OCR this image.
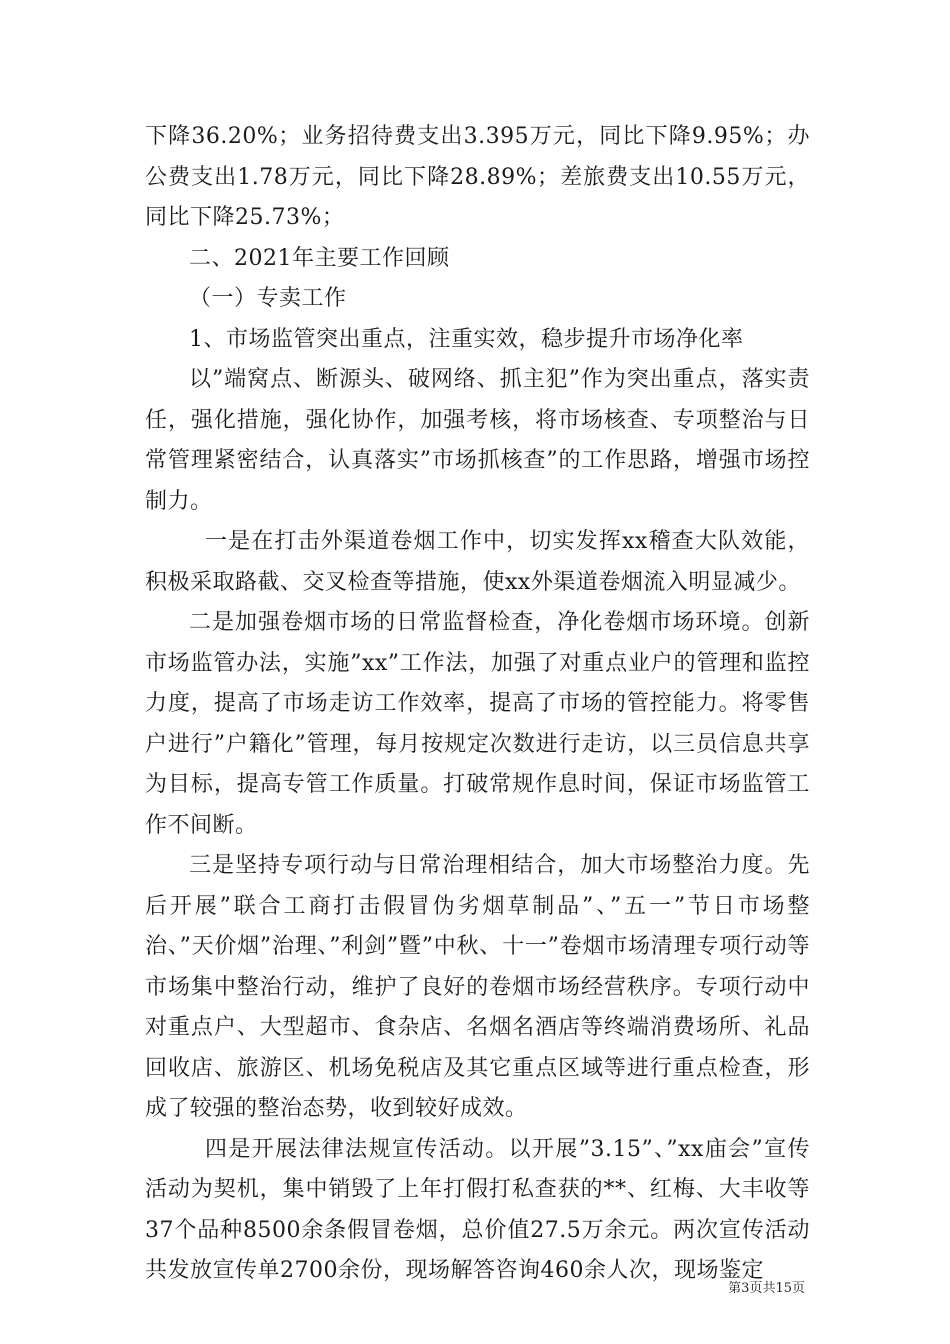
下降36.20%；业务招待费支出3.395万元，同比下降9.95%；办公费支出1.78万元，同比下降28.89%；差旅费支出10.55万元，同比下降25.73%；

二、2021年主要工作回顾

（一）专卖工作

1、市场监管突出重点，注重实效，稳步提升市场净化率

以”端窝点、断源头、破网络、抓主犯”作为突出重点，落实责任，强化措施，强化协作，加强考核，将市场核查、专项整治与日常管理紧密结合，认真落实”市场抓核查”的工作思路，增强市场控制力。

一是在打击外渠道卷烟工作中，切实发挥xx稽查大队效能，积极采取路截、交叉检查等措施，使xx外渠道卷烟流入明显减少。

二是加强卷烟市场的日常监督检查，净化卷烟市场环境。创新市场监管办法，实施”xx”工作法，加强了对重点业户的管理和监控力度，提高了市场走访工作效率，提高了市场的管控能力。将零售户进行”户籍化”管理，每月按规定次数进行走访，以三员信息共享为目标，提高专管工作质量。打破常规作息时间，保证市场监管工作不间断。

三是坚持专项行动与日常治理相结合，加大市场整治力度。先后开展”联合工商打击假冒伪劣烟草制品”、”五一”节日市场整治、”天价烟”治理、”利剑”暨”中秋、十一”卷烟市场清理专项行动等市场集中整治行动，维护了良好的卷烟市场经营秩序。专项行动中对重点户、大型超市、食杂店、名烟名酒店等终端消费场所、礼品回收店、旅游区、机场免税店及其它重点区域等进行重点检查，形成了较强的整治态势，收到较好成效。

四是开展法律法规宣传活动。以开展”3.15”、”xx庙会”宣传活动为契机，集中销毁了上年打假打私查获的**、红梅、大丰收等37个品种8500余条假冒卷烟，总价值27.5万余元。两次宣传活动共发放宣传单2700余份，现场解答咨询460余人次，现场鉴定

第3页共15页
